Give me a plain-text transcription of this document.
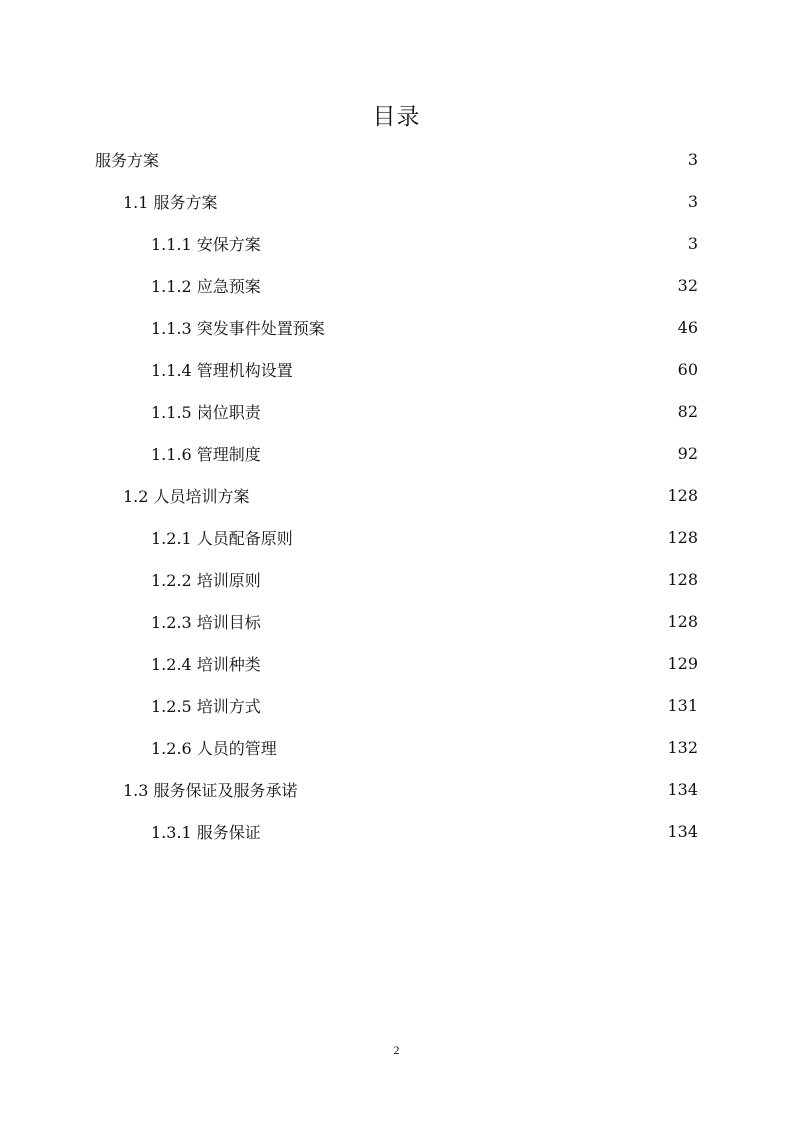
目录
服务方案	3
1.1 服务方案	3
1.1.1 安保方案	3
1.1.2 应急预案	32
1.1.3 突发事件处置预案	46
1.1.4 管理机构设置	60
1.1.5 岗位职责	82
1.1.6 管理制度	92
1.2 人员培训方案	128
1.2.1 人员配备原则	128
1.2.2 培训原则	128
1.2.3 培训目标	128
1.2.4 培训种类	129
1.2.5 培训方式	131
1.2.6 人员的管理	132
1.3 服务保证及服务承诺	134
1.3.1 服务保证	134
2
